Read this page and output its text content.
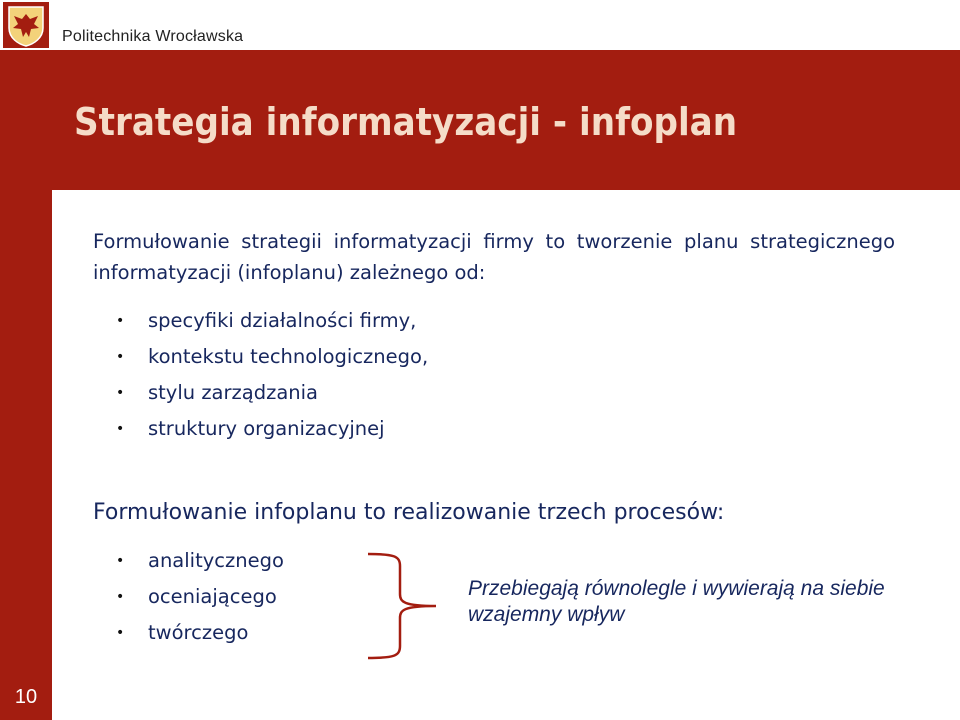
Politechnika Wrocławska
Strategia informatyzacji - infoplan
Formułowanie strategii informatyzacji firmy to tworzenie planu strategicznego informatyzacji (infoplanu) zależnego od:
• specyfiki działalności firmy,
• kontekstu technologicznego,
• stylu zarządzania
• struktury organizacyjnej
Formułowanie infoplanu to realizowanie trzech procesów:
• analitycznego
• oceniającego
• twórczego
Przebiegają równolegle i wywierają na siebie wzajemny wpływ
10
